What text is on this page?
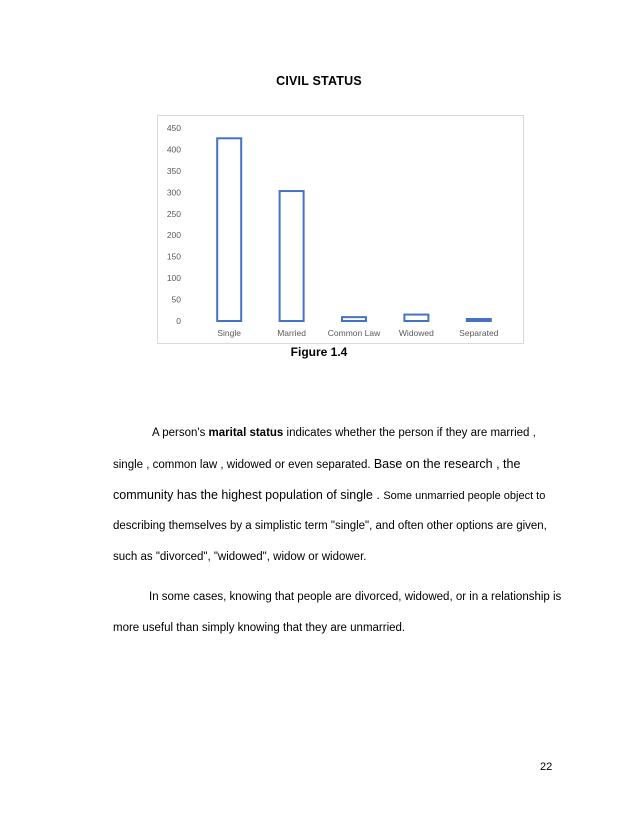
CIVIL STATUS
0
50
100
150
200
250
300
350
400
450
Single	Married	Common Law Widowed	Separated
Figure 1.4
A person's marital status indicates whether the person if they are married ,
single , common law , widowed or even separated. Base on the research , the
community has the highest population of single . Some unmarried people object to
describing themselves by a simplistic term "single", and often other options are given,
such as "divorced", "widowed", widow or widower.
In some cases, knowing that people are divorced, widowed, or in a relationship is
more useful than simply knowing that they are unmarried.
22
